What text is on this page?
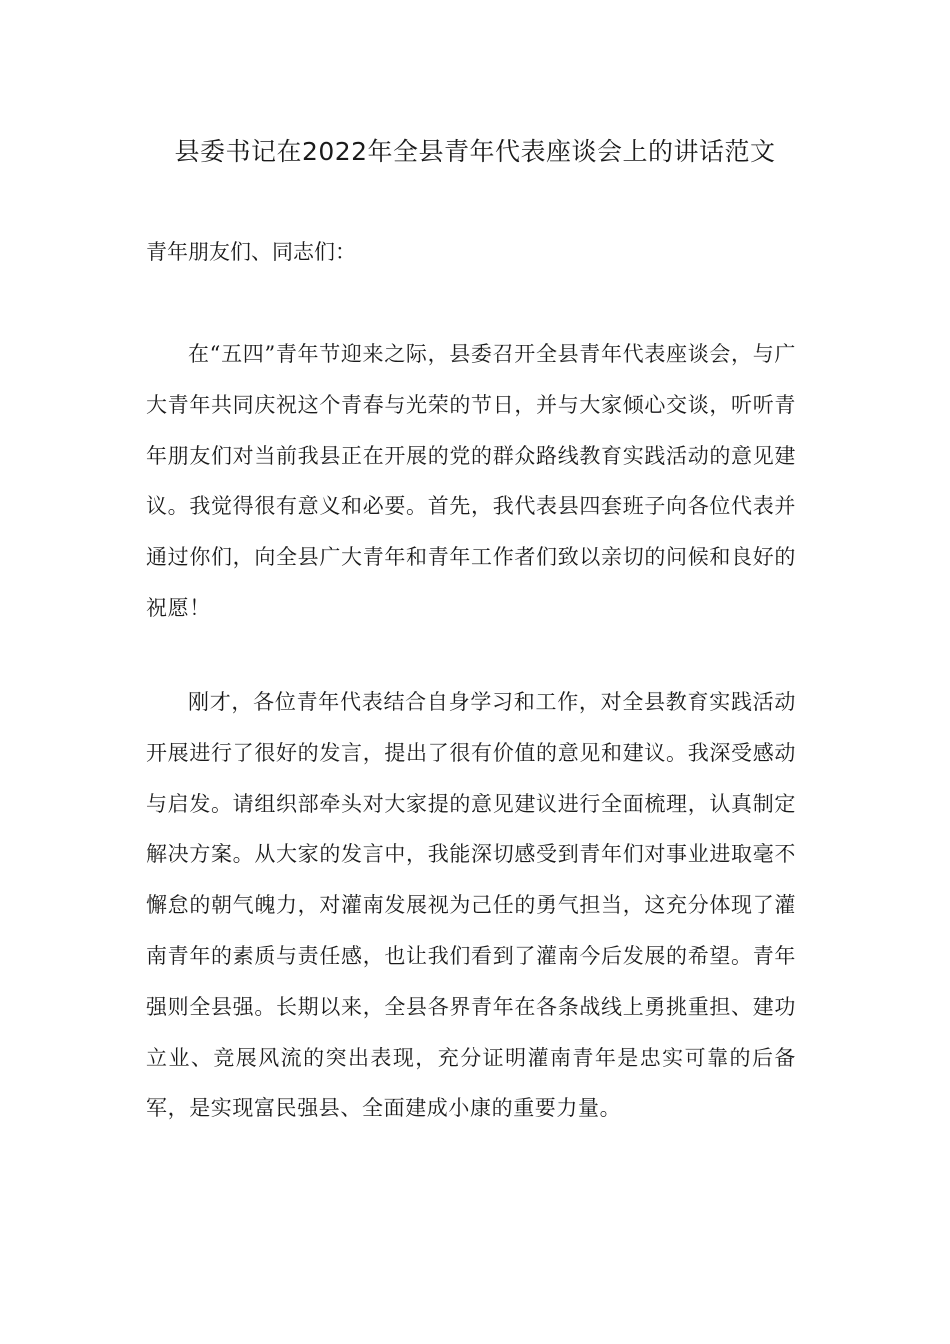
县委书记在2022年全县青年代表座谈会上的讲话范文

青年朋友们、同志们：

在“五四”青年节迎来之际，县委召开全县青年代表座谈会，与广大青年共同庆祝这个青春与光荣的节日，并与大家倾心交谈，听听青年朋友们对当前我县正在开展的党的群众路线教育实践活动的意见建议。我觉得很有意义和必要。首先，我代表县四套班子向各位代表并通过你们，向全县广大青年和青年工作者们致以亲切的问候和良好的祝愿！

刚才，各位青年代表结合自身学习和工作，对全县教育实践活动开展进行了很好的发言，提出了很有价值的意见和建议。我深受感动与启发。请组织部牵头对大家提的意见建议进行全面梳理，认真制定解决方案。从大家的发言中，我能深切感受到青年们对事业进取毫不懈怠的朝气魄力，对灌南发展视为己任的勇气担当，这充分体现了灌南青年的素质与责任感，也让我们看到了灌南今后发展的希望。青年强则全县强。长期以来，全县各界青年在各条战线上勇挑重担、建功立业、竞展风流的突出表现，充分证明灌南青年是忠实可靠的后备军，是实现富民强县、全面建成小康的重要力量。
